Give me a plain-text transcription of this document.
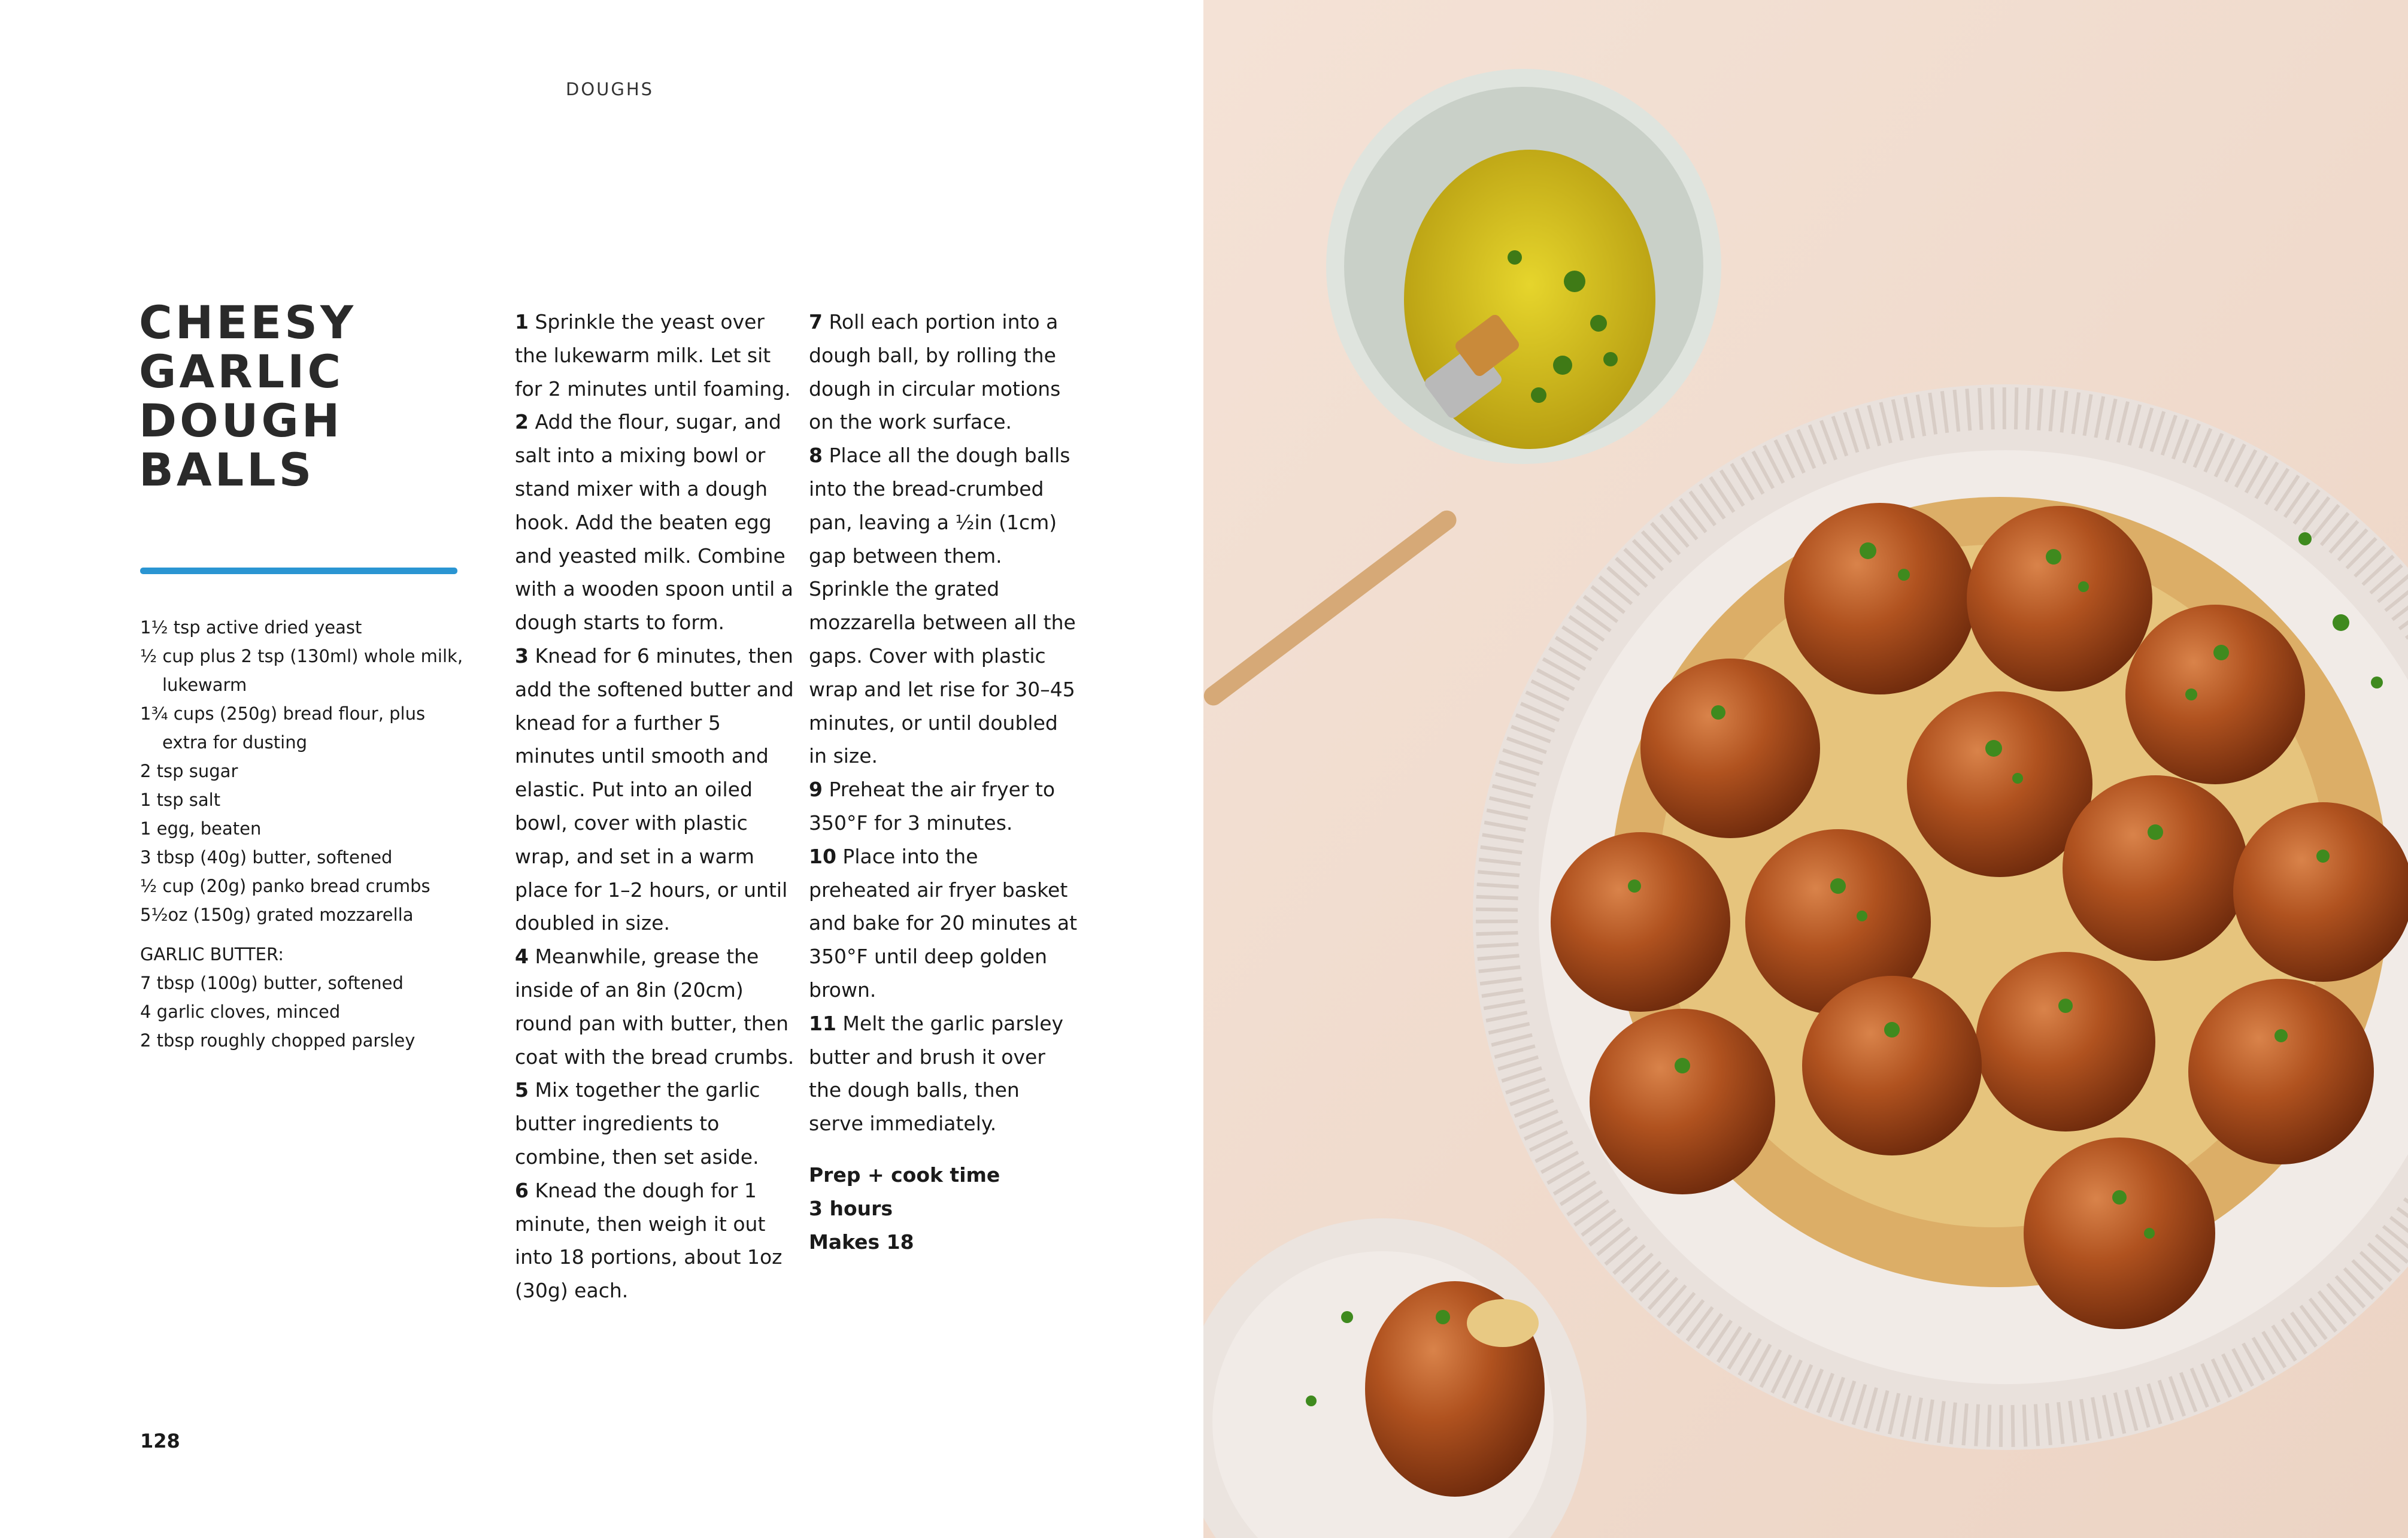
DOUGHS
CHEESY
GARLIC
DOUGH
BALLS
1½ tsp active dried yeast
½ cup plus 2 tsp (130ml) whole milk, lukewarm
1¾ cups (250g) bread flour, plus extra for dusting
2 tsp sugar
1 tsp salt
1 egg, beaten
3 tbsp (40g) butter, softened
½ cup (20g) panko bread crumbs
5½oz (150g) grated mozzarella
GARLIC BUTTER:
7 tbsp (100g) butter, softened
4 garlic cloves, minced
2 tbsp roughly chopped parsley

1 Sprinkle the yeast over the lukewarm milk. Let sit for 2 minutes until foaming.

2 Add the flour, sugar, and salt into a mixing bowl or stand mixer with a dough hook. Add the beaten egg and yeasted milk. Combine with a wooden spoon until a dough starts to form.

3 Knead for 6 minutes, then add the softened butter and knead for a further 5 minutes until smooth and elastic. Put into an oiled bowl, cover with plastic wrap, and set in a warm place for 1–2 hours, or until doubled in size.

4 Meanwhile, grease the inside of an 8in (20cm) round pan with butter, then coat with the bread crumbs.

5 Mix together the garlic butter ingredients to combine, then set aside.

6 Knead the dough for 1 minute, then weigh it out into 18 portions, about 1oz (30g) each.

7 Roll each portion into a dough ball, by rolling the dough in circular motions on the work surface.

8 Place all the dough balls into the bread-crumbed pan, leaving a ½in (1cm) gap between them. Sprinkle the grated mozzarella between all the gaps. Cover with plastic wrap and let rise for 30–45 minutes, or until doubled in size.

9 Preheat the air fryer to 350°F for 3 minutes.

10 Place into the preheated air fryer basket and bake for 20 minutes at 350°F until deep golden brown.

11 Melt the garlic parsley butter and brush it over the dough balls, then serve immediately.

Prep + cook time

3 hours

Makes 18

128
